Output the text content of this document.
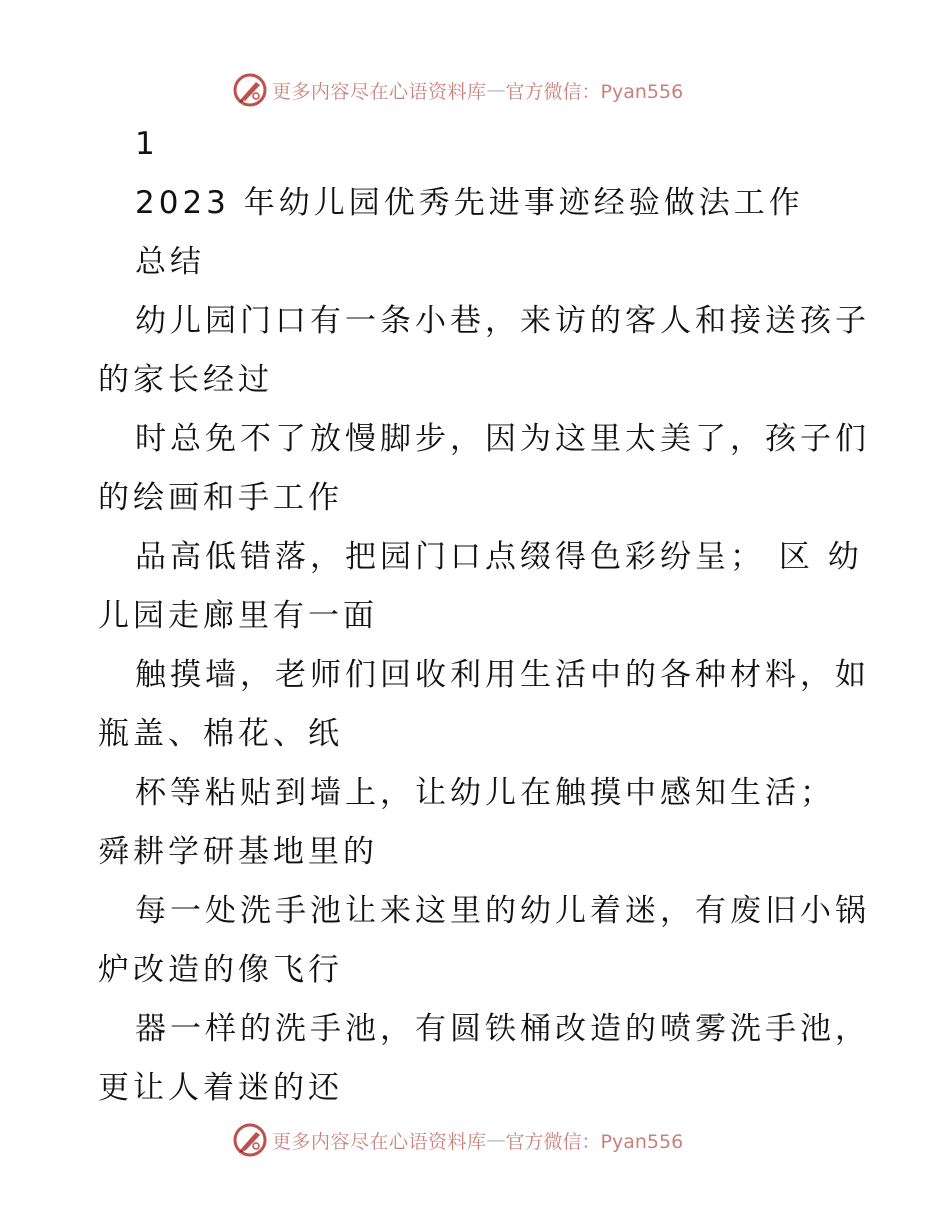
更多内容尽在心语资料库 — 官方微信：Pyan556
1
2023 年幼儿园优秀先进事迹经验做法工作
总结
幼儿园门口有一条小巷，来访的客人和接送孩子
的家长经过
时总免不了放慢脚步，因为这里太美了，孩子们
的绘画和手工作
品高低错落，把园门口点缀得色彩纷呈； 区 幼
儿园走廊里有一面
触摸墙，老师们回收利用生活中的各种材料，如
瓶盖、棉花、纸
杯等粘贴到墙上，让幼儿在触摸中感知生活；
舜耕学研基地里的
每一处洗手池让来这里的幼儿着迷，有废旧小锅
炉改造的像飞行
器一样的洗手池，有圆铁桶改造的喷雾洗手池，
更让人着迷的还
更多内容尽在心语资料库 — 官方微信：Pyan556
